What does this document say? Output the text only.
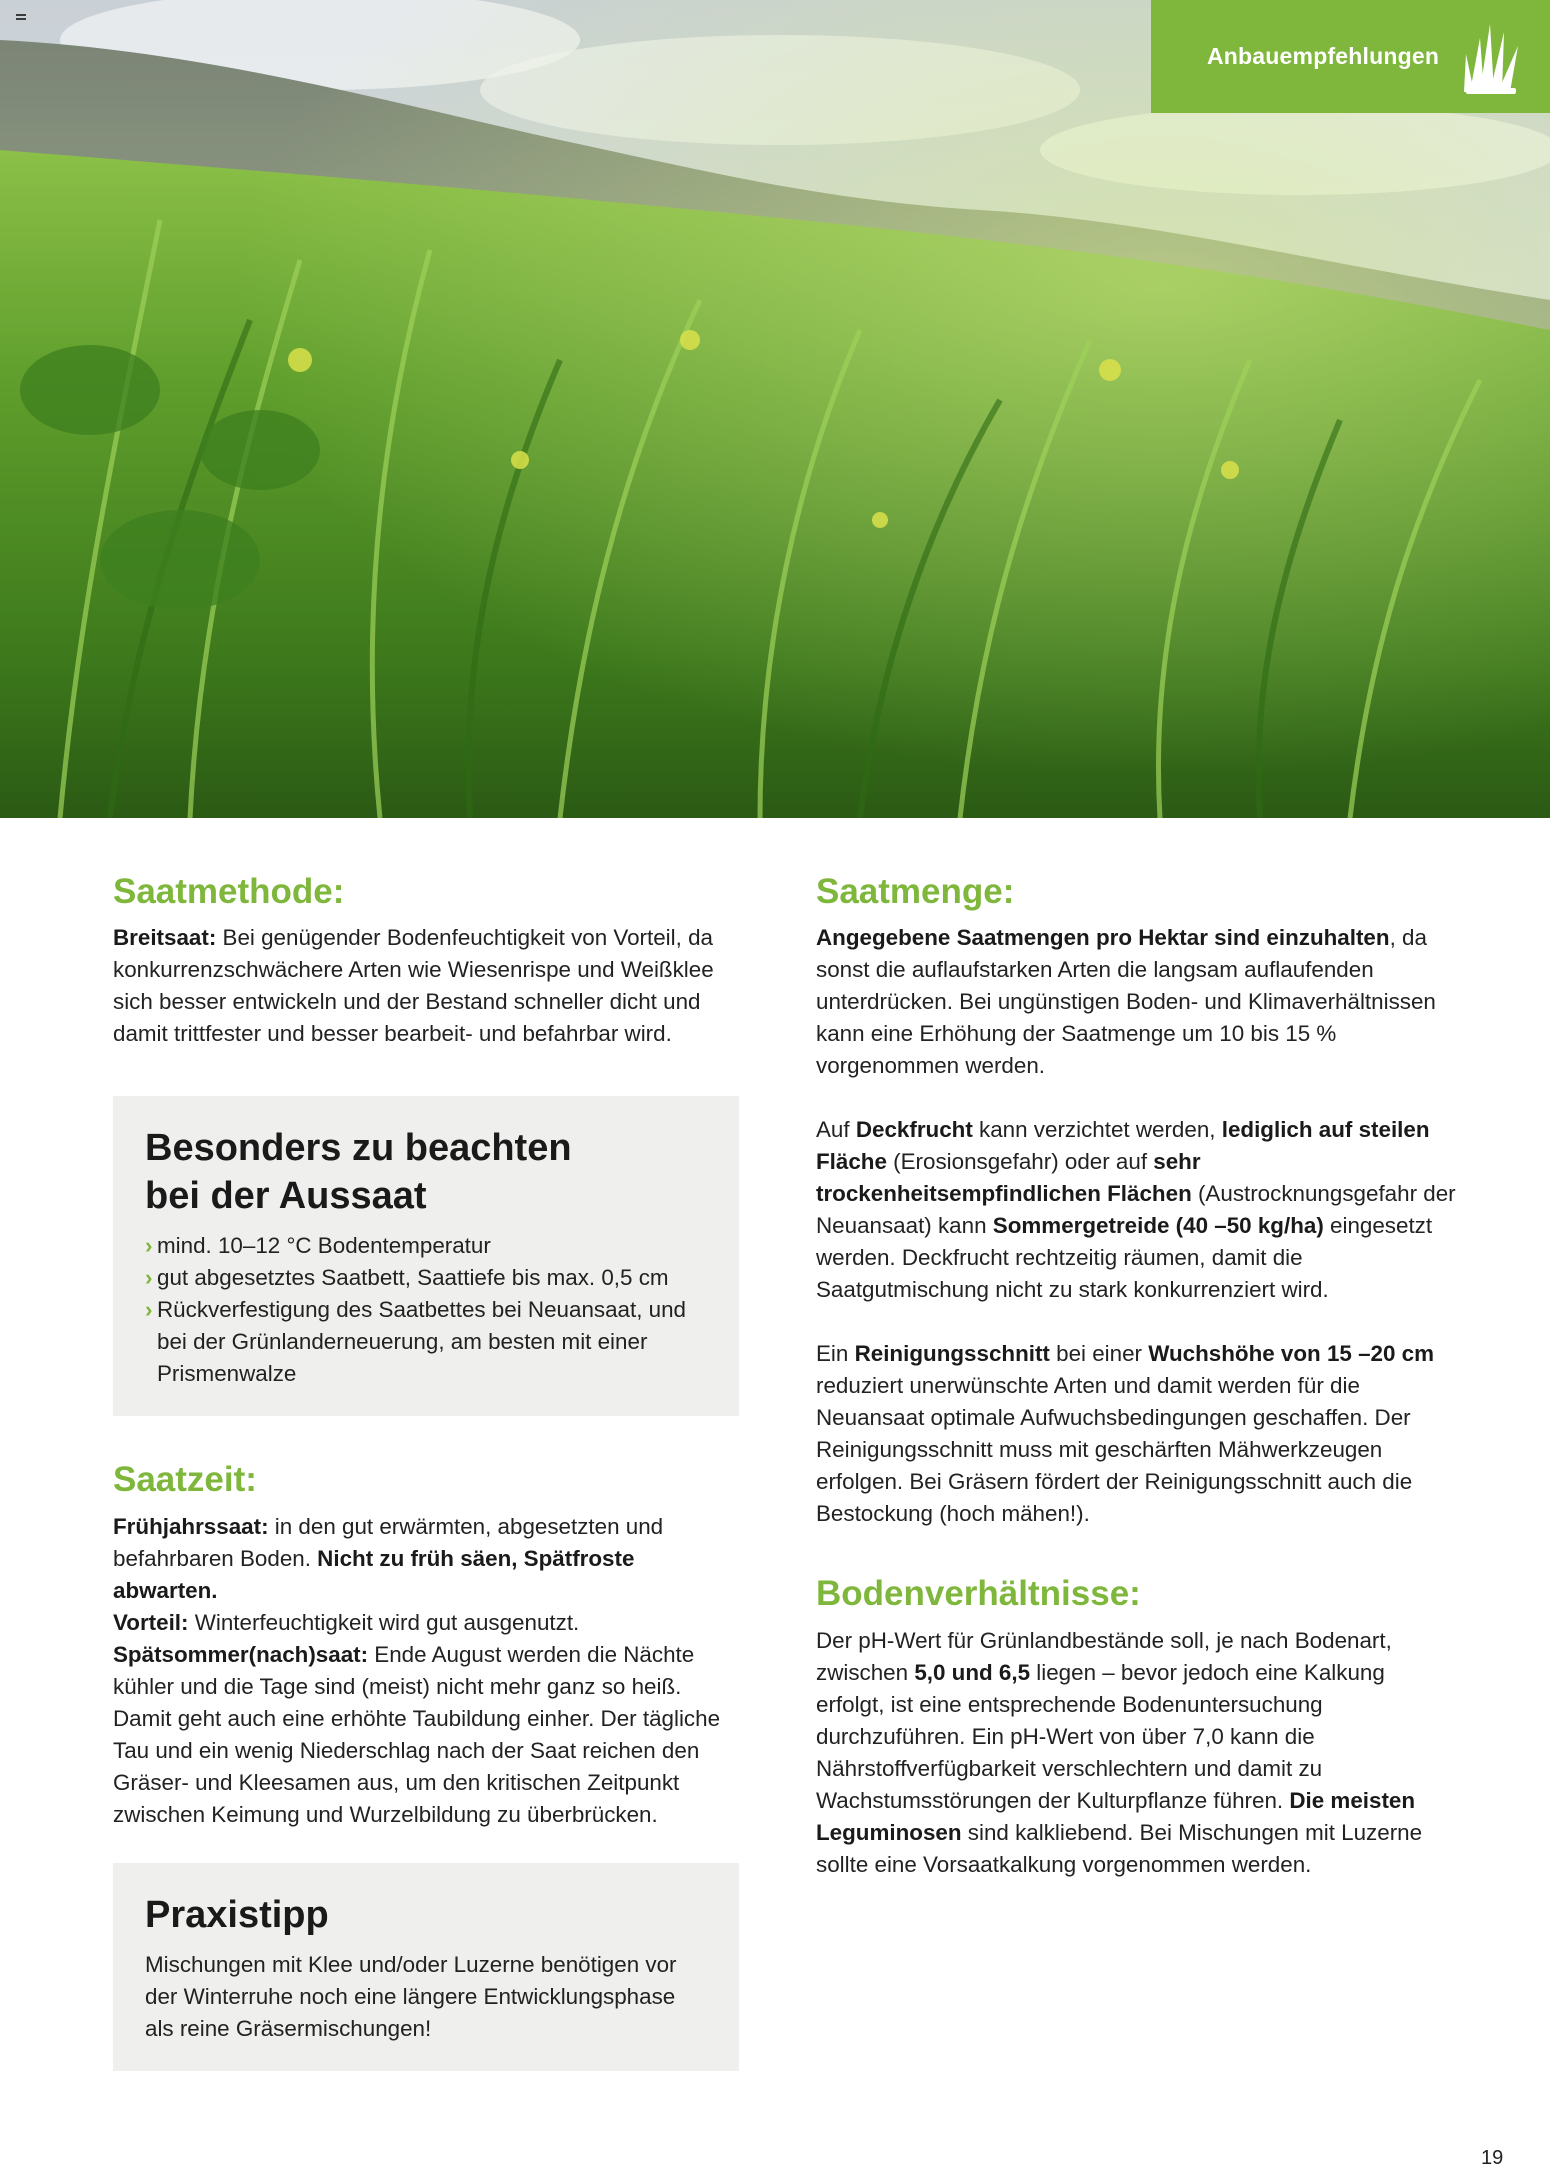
Anbauempfehlungen
Saatmethode:

Breitsaat: Bei genügender Bodenfeuchtigkeit von Vorteil, da konkurrenzschwächere Arten wie Wiesenrispe und Weißklee sich besser entwickeln und der Bestand schneller dicht und damit trittfester und besser bearbeit- und befahrbar wird.

Besonders zu beachten
bei der Aussaat
› mind. 10–12 °C Bodentemperatur
› gut abgesetztes Saatbett, Saattiefe bis max. 0,5 cm
› Rückverfestigung des Saatbettes bei Neuansaat, und bei der Grünlanderneuerung, am besten mit einer Prismenwalze
Saatzeit:

Frühjahrssaat: in den gut erwärmten, abgesetzten und befahrbaren Boden. Nicht zu früh säen, Spätfroste abwarten.
Vorteil: Winterfeuchtigkeit wird gut ausgenutzt.
Spätsommer(nach)saat: Ende August werden die Nächte kühler und die Tage sind (meist) nicht mehr ganz so heiß. Damit geht auch eine erhöhte Taubildung einher. Der tägliche Tau und ein wenig Niederschlag nach der Saat reichen den Gräser- und Kleesamen aus, um den kritischen Zeitpunkt zwischen Keimung und Wurzelbildung zu überbrücken.

Praxistipp

Mischungen mit Klee und/oder Luzerne benötigen vor der Winterruhe noch eine längere Entwicklungsphase als reine Gräsermischungen!

Saatmenge:

Angegebene Saatmengen pro Hektar sind einzuhalten, da sonst die auflaufstarken Arten die langsam auflaufenden unterdrücken. Bei ungünstigen Boden- und Klimaverhältnissen kann eine Erhöhung der Saatmenge um 10 bis 15 % vorgenommen werden.

Auf Deckfrucht kann verzichtet werden, lediglich auf steilen Fläche (Erosionsgefahr) oder auf sehr trockenheitsempfindlichen Flächen (Austrocknungsgefahr der Neuansaat) kann Sommergetreide (40 –50 kg/ha) eingesetzt werden. Deckfrucht rechtzeitig räumen, damit die Saatgutmischung nicht zu stark konkurrenziert wird.

Ein Reinigungsschnitt bei einer Wuchshöhe von 15 –20 cm reduziert unerwünschte Arten und damit werden für die Neuansaat optimale Aufwuchsbedingungen geschaffen. Der Reinigungsschnitt muss mit geschärften Mähwerkzeugen erfolgen. Bei Gräsern fördert der Reinigungsschnitt auch die Bestockung (hoch mähen!).

Bodenverhältnisse:

Der pH-Wert für Grünlandbestände soll, je nach Bodenart, zwischen 5,0 und 6,5 liegen – bevor jedoch eine Kalkung erfolgt, ist eine entsprechende Bodenuntersuchung durchzuführen. Ein pH-Wert von über 7,0 kann die Nährstoffverfügbarkeit verschlechtern und damit zu Wachstumsstörungen der Kulturpflanze führen. Die meisten Leguminosen sind kalkliebend. Bei Mischungen mit Luzerne sollte eine Vorsaatkalkung vorgenommen werden.

19
